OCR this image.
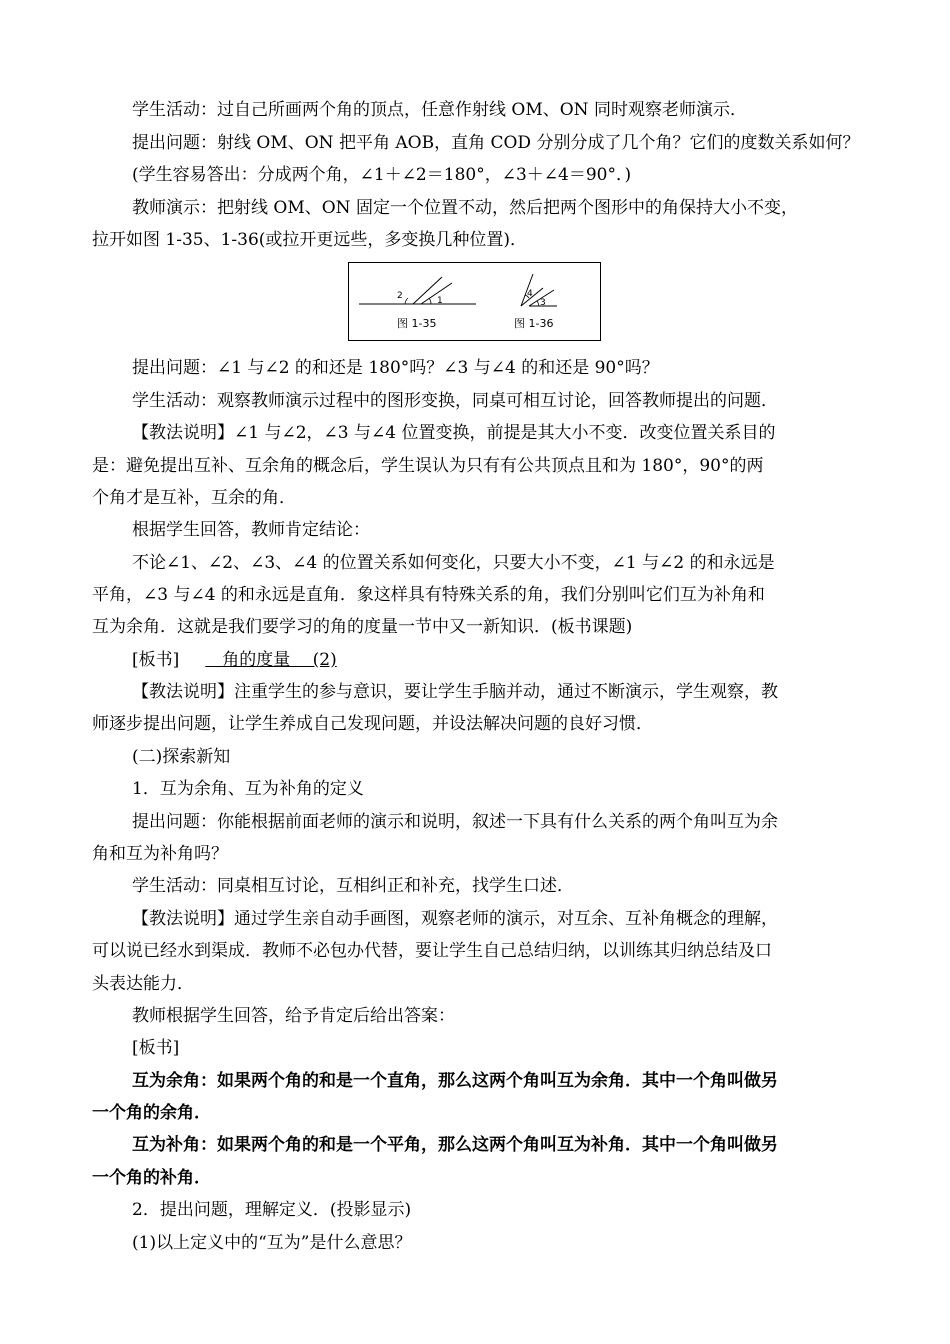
学生活动：过自己所画两个角的顶点，任意作射线 OM、ON 同时观察老师演示．
提出问题：射线 OM、ON 把平角 AOB，直角 COD 分别分成了几个角？它们的度数关系如何？
(学生容易答出：分成两个角，∠1＋∠2＝180°，∠3＋∠4＝90°．)
教师演示：把射线 OM、ON 固定一个位置不动，然后把两个图形中的角保持大小不变，
拉开如图 1-35、1-36(或拉开更远些，多变换几种位置)．
2	1
4
3
图 1-35	图 1-36
提出问题：∠1 与∠2 的和还是 180°吗？∠3 与∠4 的和还是 90°吗？
学生活动：观察教师演示过程中的图形变换，同桌可相互讨论，回答教师提出的问题．
【教法说明】∠1 与∠2，∠3 与∠4 位置变换，前提是其大小不变．改变位置关系目的
是：避免提出互补、互余角的概念后，学生误认为只有有公共顶点且和为 180°，90°的两
个角才是互补，互余的角．
根据学生回答，教师肯定结论：
不论∠1、∠2、∠3、∠4 的位置关系如何变化，只要大小不变，∠1 与∠2 的和永远是
平角，∠3 与∠4 的和永远是直角．象这样具有特殊关系的角，我们分别叫它们互为补角和
互为余角．这就是我们要学习的角的度量一节中又一新知识．(板书课题)
[板书]　角的度量　 (2)
【教法说明】注重学生的参与意识，要让学生手脑并动，通过不断演示，学生观察，教
师逐步提出问题，让学生养成自己发现问题，并设法解决问题的良好习惯．
(二)探索新知
1．互为余角、互为补角的定义
提出问题：你能根据前面老师的演示和说明，叙述一下具有什么关系的两个角叫互为余
角和互为补角吗？
学生活动：同桌相互讨论，互相纠正和补充，找学生口述．
【教法说明】通过学生亲自动手画图，观察老师的演示，对互余、互补角概念的理解，
可以说已经水到渠成．教师不必包办代替，要让学生自己总结归纳，以训练其归纳总结及口
头表达能力．
教师根据学生回答，给予肯定后给出答案：
[板书]
互为余角：如果两个角的和是一个直角，那么这两个角叫互为余角．其中一个角叫做另
一个角的余角．
互为补角：如果两个角的和是一个平角，那么这两个角叫互为补角．其中一个角叫做另
一个角的补角．
2．提出问题，理解定义．(投影显示)
(1)以上定义中的“互为”是什么意思？
